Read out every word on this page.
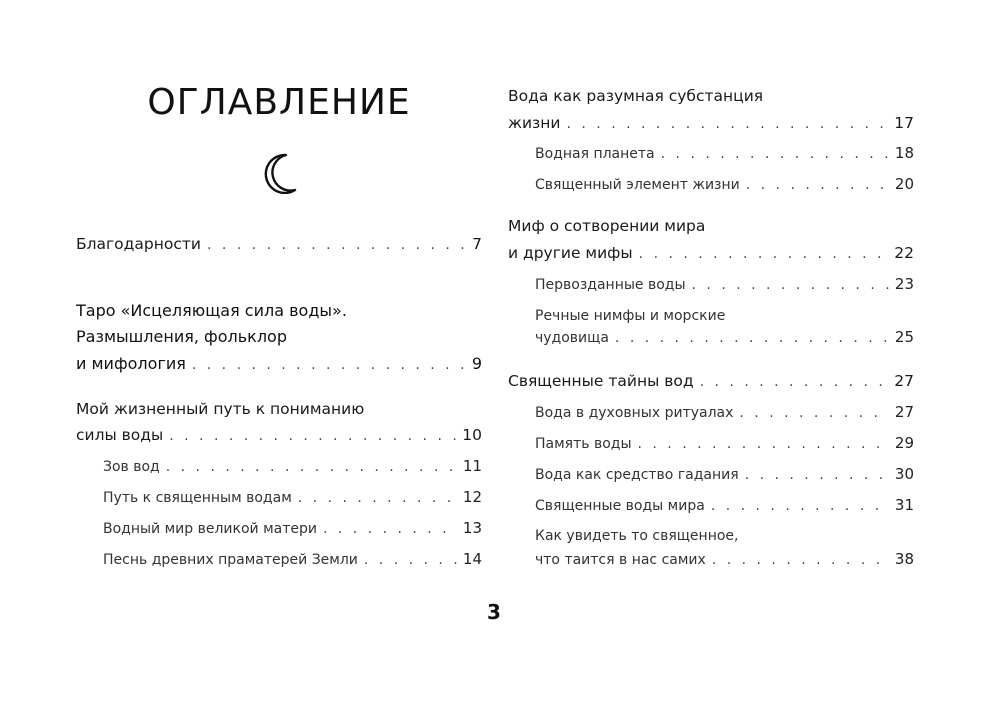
ОГЛАВЛЕНИЕ
Благодарности . . .	7
Таро «Исцеляющая сила воды».
Размышления, фольклор
и мифология . . .	9
Мой жизненный путь к пониманию
силы воды . . .	10
Зов вод . . .	11
Путь к священным водам . . .	12
Водный мир великой матери . . .	13
Песнь древних праматерей Земли . . .	14
Вода как разумная субстанция
жизни . . .	17
Водная планета . . .	18
Священный элемент жизни . . .	20
Миф о сотворении мира
и другие мифы . . .	22
Первозданные воды . . .	23
Речные нимфы и морские
чудовища . . .	25
Священные тайны вод . . .	27
Вода в духовных ритуалах . . .	27
Память воды . . .	29
Вода как средство гадания . . .	30
Священные воды мира . . .	31
Как увидеть то священное,
что таится в нас самих . . .	38
3
